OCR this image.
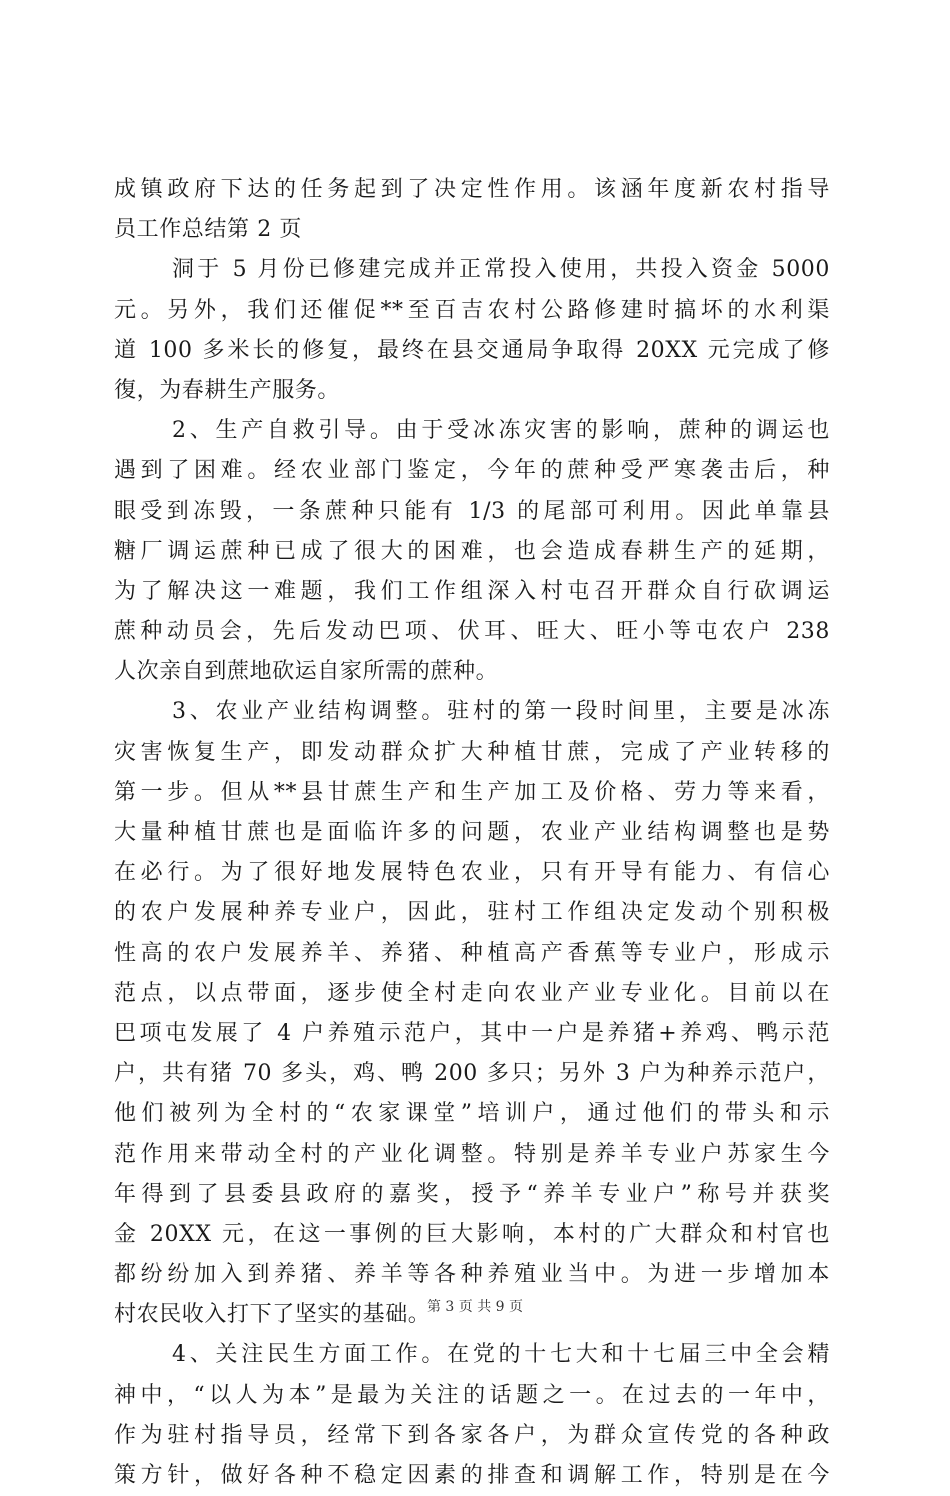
成镇政府下达的任务起到了决定性作用。该涵年度新农村指导
员工作总结第 2 页
洞于 5 月份已修建完成并正常投入使用，共投入资金 5000
元。另外，我们还催促**至百吉农村公路修建时搞坏的水利渠
道 100 多米长的修复，最终在县交通局争取得 20XX 元完成了修
復，为春耕生产服务。
2、生产自救引导。由于受冰冻灾害的影响，蔗种的调运也
遇到了困难。经农业部门鉴定，今年的蔗种受严寒袭击后，种
眼受到冻毁，一条蔗种只能有 1/3 的尾部可利用。因此单靠县
糖厂调运蔗种已成了很大的困难，也会造成春耕生产的延期，
为了解决这一难题，我们工作组深入村屯召开群众自行砍调运
蔗种动员会，先后发动巴项、伏耳、旺大、旺小等屯农户 238
人次亲自到蔗地砍运自家所需的蔗种。
3、农业产业结构调整。驻村的第一段时间里，主要是冰冻
灾害恢复生产，即发动群众扩大种植甘蔗，完成了产业转移的
第一步。但从**县甘蔗生产和生产加工及价格、劳力等来看，
大量种植甘蔗也是面临许多的问题，农业产业结构调整也是势
在必行。为了很好地发展特色农业，只有开导有能力、有信心
的农户发展种养专业户，因此，驻村工作组决定发动个别积极
性高的农户发展养羊、养猪、种植高产香蕉等专业户，形成示
范点，以点带面，逐步使全村走向农业产业专业化。目前以在
巴项屯发展了 4 户养殖示范户，其中一户是养猪+养鸡、鸭示范
户，共有猪 70 多头，鸡、鸭 200 多只；另外 3 户为种养示范户，
他们被列为全村的“农家课堂”培训户，通过他们的带头和示
范作用来带动全村的产业化调整。特别是养羊专业户苏家生今
年得到了县委县政府的嘉奖，授予“养羊专业户”称号并获奖
金 20XX 元，在这一事例的巨大影响，本村的广大群众和村官也
都纷纷加入到养猪、养羊等各种养殖业当中。为进一步增加本
村农民收入打下了坚实的基础。
4、关注民生方面工作。在党的十七大和十七届三中全会精
神中，“以人为本”是最为关注的话题之一。在过去的一年中，
作为驻村指导员，经常下到各家各户，为群众宣传党的各种政
策方针，做好各种不稳定因素的排查和调解工作，特别是在今
第 3 页 共 9 页
